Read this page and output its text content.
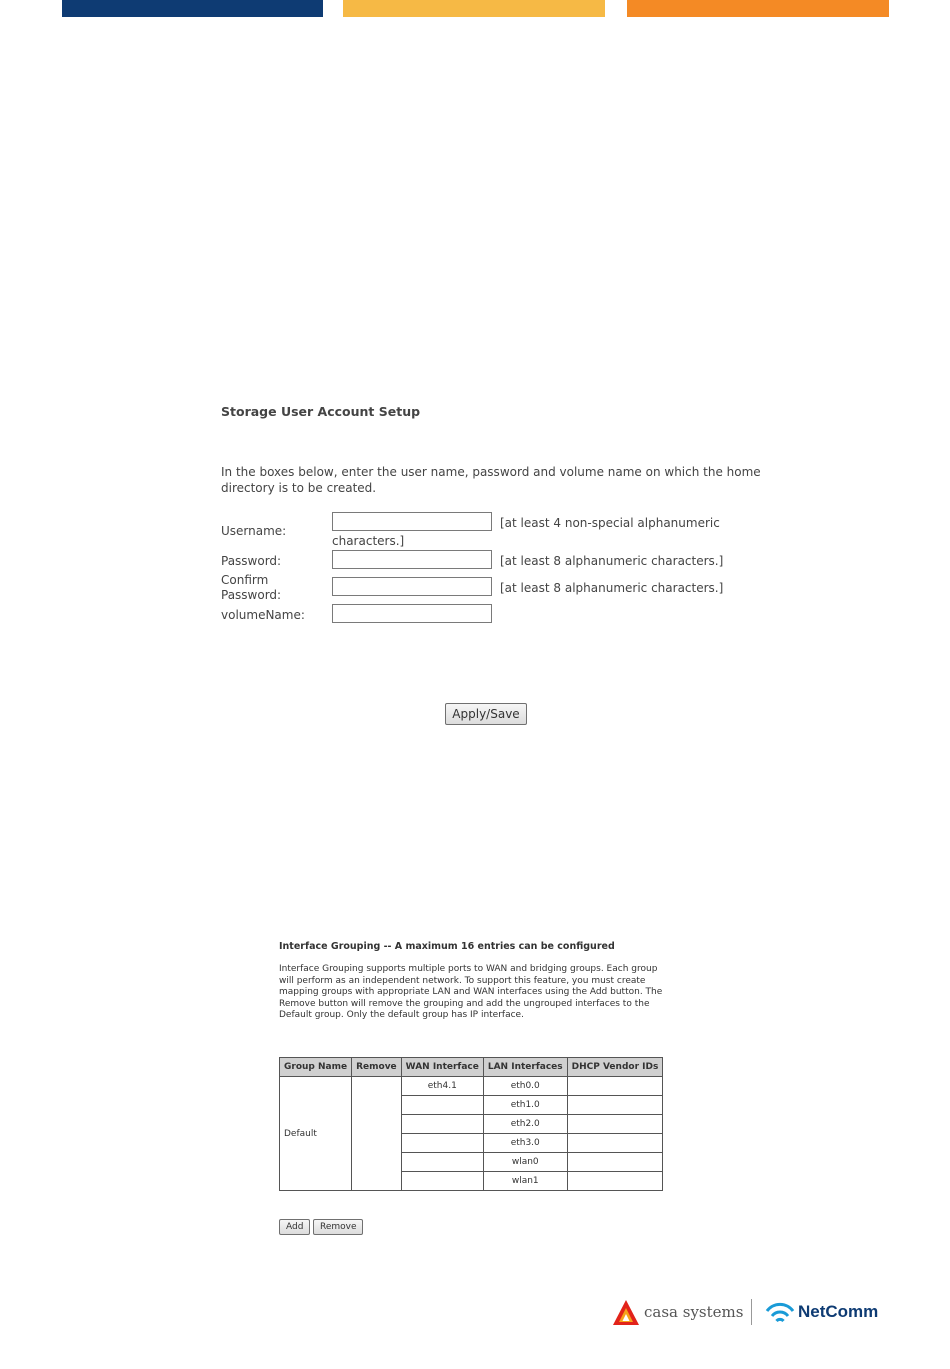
Storage User Account Setup
In the boxes below, enter the user name, password and volume name on which the home directory is to be created.
Username:
[at least 4 non-special alphanumeric
characters.]
Password:	[at least 8 alphanumeric characters.]
Confirm
Password:	[at least 8 alphanumeric characters.]
volumeName:
Apply/Save
Interface Grouping -- A maximum 16 entries can be configured
Interface Grouping supports multiple ports to WAN and bridging groups. Each group will perform as an independent network. To support this feature, you must create mapping groups with appropriate LAN and WAN interfaces using the Add button. The Remove button will remove the grouping and add the ungrouped interfaces to the Default group. Only the default group has IP interface.
Group Name	Remove	WAN Interface	LAN Interfaces	DHCP Vendor IDs
Default		eth4.1	eth0.0	
			eth1.0	
			eth2.0	
			eth3.0	
			wlan0	
			wlan1	
Add	Remove
casa systems	NetComm
